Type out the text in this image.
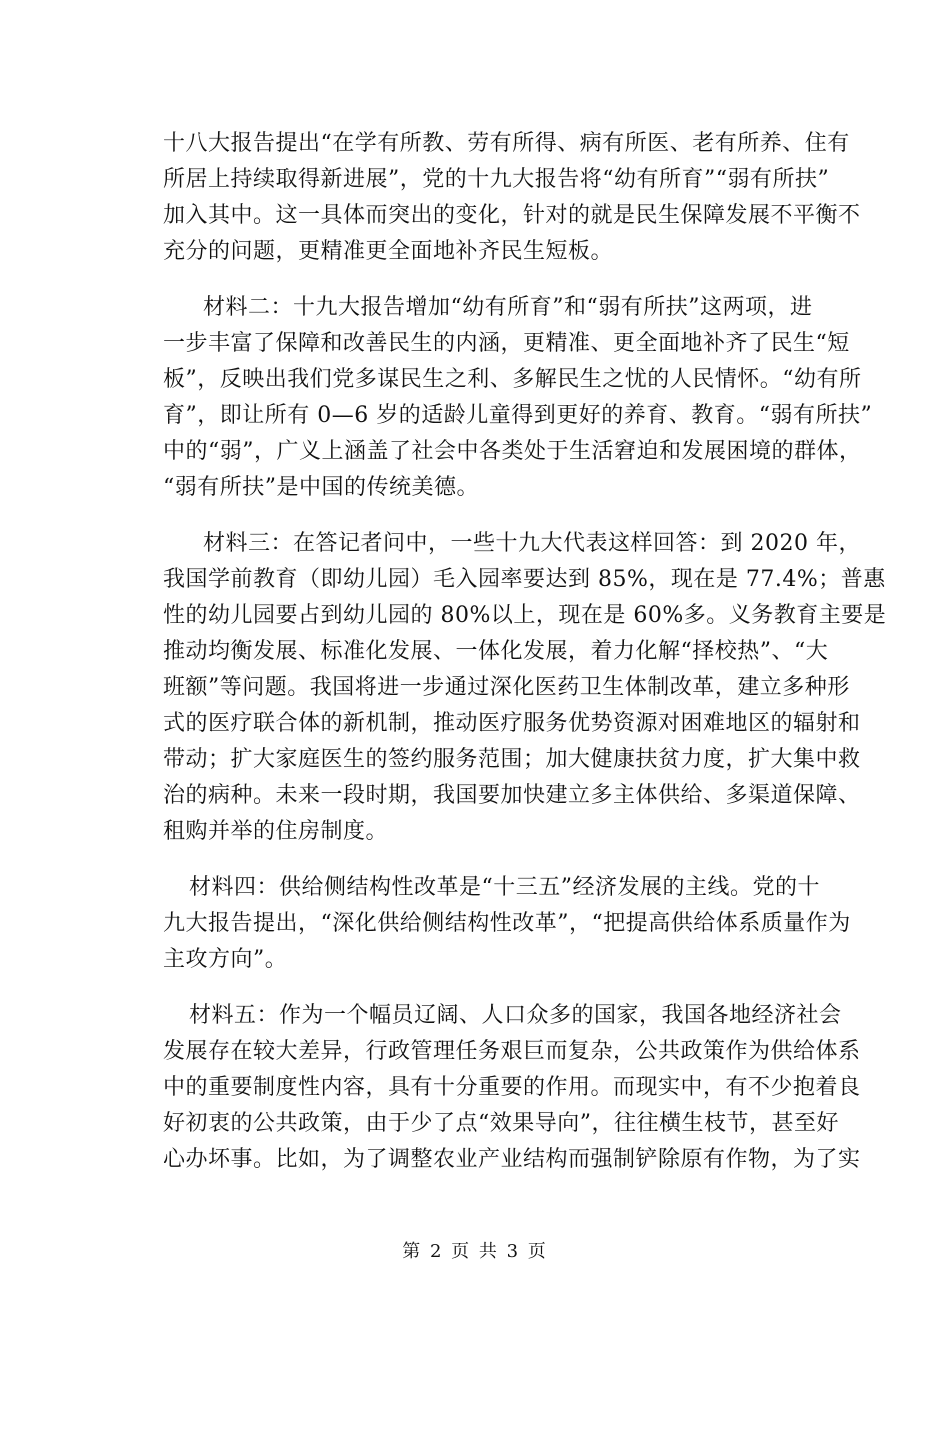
十八大报告提出“在学有所教、劳有所得、病有所医、老有所养、住有
所居上持续取得新进展”，党的十九大报告将“幼有所育”“弱有所扶”
加入其中。这一具体而突出的变化，针对的就是民生保障发展不平衡不
充分的问题，更精准更全面地补齐民生短板。

材料二：十九大报告增加“幼有所育”和“弱有所扶”这两项，进
一步丰富了保障和改善民生的内涵，更精准、更全面地补齐了民生“短
板”，反映出我们党多谋民生之利、多解民生之忧的人民情怀。“幼有所
育”，即让所有 0—6 岁的适龄儿童得到更好的养育、教育。“弱有所扶”
中的“弱”，广义上涵盖了社会中各类处于生活窘迫和发展困境的群体，
“弱有所扶”是中国的传统美德。

材料三：在答记者问中，一些十九大代表这样回答：到 2020 年，
我国学前教育（即幼儿园）毛入园率要达到 85%，现在是 77.4%；普惠
性的幼儿园要占到幼儿园的 80%以上，现在是 60%多。义务教育主要是
推动均衡发展、标准化发展、一体化发展，着力化解“择校热”、“大
班额”等问题。我国将进一步通过深化医药卫生体制改革，建立多种形
式的医疗联合体的新机制，推动医疗服务优势资源对困难地区的辐射和
带动；扩大家庭医生的签约服务范围；加大健康扶贫力度，扩大集中救
治的病种。未来一段时期，我国要加快建立多主体供给、多渠道保障、
租购并举的住房制度。

材料四：供给侧结构性改革是“十三五”经济发展的主线。党的十
九大报告提出，“深化供给侧结构性改革”，“把提高供给体系质量作为
主攻方向”。

材料五：作为一个幅员辽阔、人口众多的国家，我国各地经济社会
发展存在较大差异，行政管理任务艰巨而复杂，公共政策作为供给体系
中的重要制度性内容，具有十分重要的作用。而现实中，有不少抱着良
好初衷的公共政策，由于少了点“效果导向”，往往横生枝节，甚至好
心办坏事。比如，为了调整农业产业结构而强制铲除原有作物，为了实

第 2 页 共 3 页
